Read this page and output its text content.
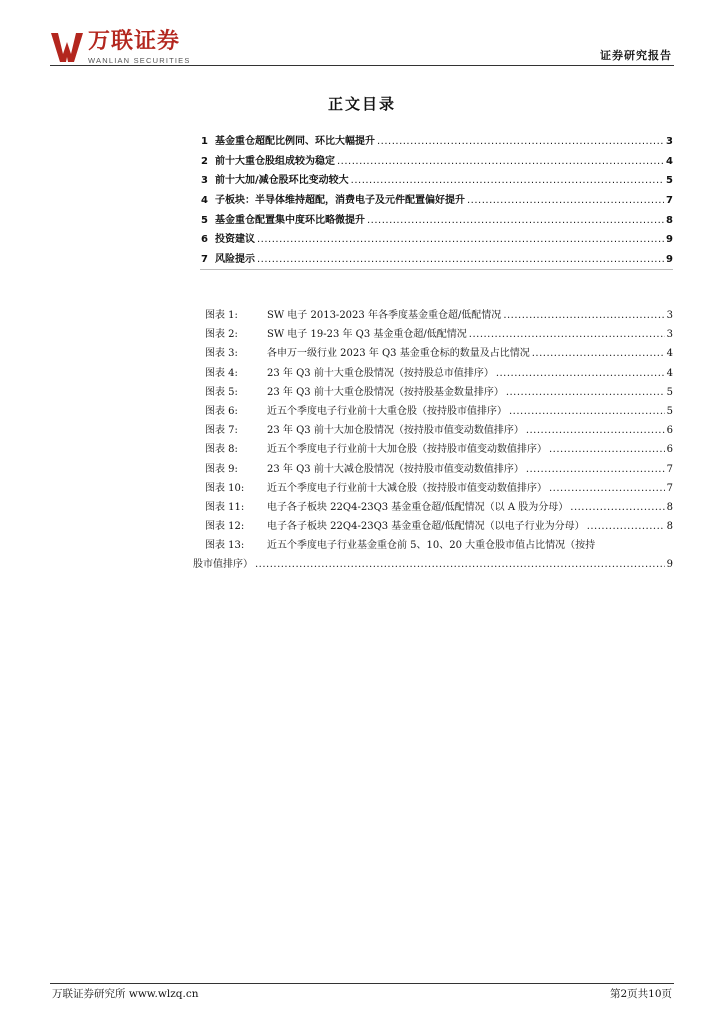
万联证券
WANLIAN SECURITIES	证券研究报告
正文目录
1 基金重仓超配比例同、环比大幅提升 .....	3
2 前十大重仓股组成较为稳定 .....	4
3 前十大加/减仓股环比变动较大 .....	5
4 子板块：半导体维持超配，消费电子及元件配置偏好提升 .....	7
5 基金重仓配置集中度环比略微提升 .....	8
6 投资建议 .....	9
7 风险提示 .....	9
图表 1:	SW 电子 2013-2023 年各季度基金重仓超/低配情况 .....	3
图表 2:	SW 电子 19-23 年 Q3 基金重仓超/低配情况 .....	3
图表 3:	各申万一级行业 2023 年 Q3 基金重仓标的数量及占比情况 .....	4
图表 4:	23 年 Q3 前十大重仓股情况（按持股总市值排序） .....	4
图表 5:	23 年 Q3 前十大重仓股情况（按持股基金数量排序） .....	5
图表 6:	近五个季度电子行业前十大重仓股（按持股市值排序） .....	5
图表 7:	23 年 Q3 前十大加仓股情况（按持股市值变动数值排序） .....	6
图表 8:	近五个季度电子行业前十大加仓股（按持股市值变动数值排序） .....	6
图表 9:	23 年 Q3 前十大减仓股情况（按持股市值变动数值排序） .....	7
图表 10:	近五个季度电子行业前十大减仓股（按持股市值变动数值排序） .....	7
图表 11:	电子各子板块 22Q4-23Q3 基金重仓超/低配情况（以 A 股为分母） .....	8
图表 12:	电子各子板块 22Q4-23Q3 基金重仓超/低配情况（以电子行业为分母） .....	8
图表 13: 近五个季度电子行业基金重仓前 5、10、20 大重仓股市值占比情况（按持
股市值排序） .....	9
万联证券研究所 www.wlzq.cn	第2页共10页
